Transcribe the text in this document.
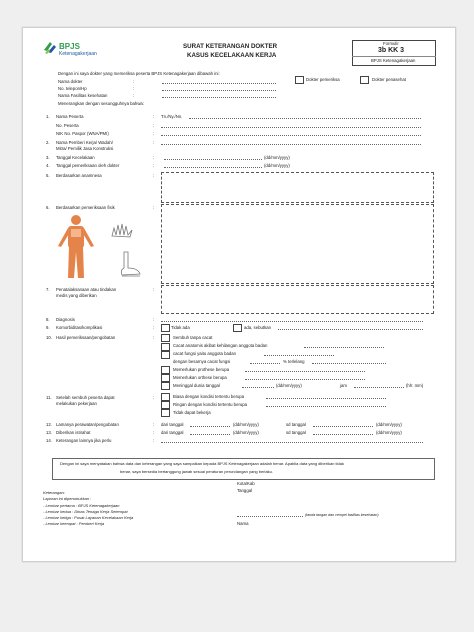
BPJS
Ketenagakerjaan
SURAT KETERANGAN DOKTER
KASUS KECELAKAAN KERJA
Formulir
3b KK 3
BPJS Ketenagakerjaan
Dengan ini saya dokter yang memeriksa peserta BPJS Ketenagakerjaan dibawah ini:
Nama dokter	:
No. telepon/Hp	:
Nama Fasilitas kesehatan	:
Menerangkan dengan sesungguhnya bahwa:
Dokter pemeriksa	Dokter penasehat
1. Nama Peserta	: Tn./Ny./Nn.
No. Peserta	:
NIK No. Paspor (WNA/PMI)	:
2. Nama Pemberi Kerja/ Wadah/
Mitra/ Pemilik Jasa Konstruksi
:
3. Tanggal Kecelakaan	:	(dd/mm/yyyy)
4. Tanggal pemeriksaan oleh dokter	:	(dd/mm/yyyy)
5. Berdasarkan anamnesa	:
6. Berdasarkan pemeriksaan fisik	:
7. Penatalaksanaan atau tindakan
medis yang diberikan
:
8. Diagnosis	:
9. Komorbiditas/komplikasi	:	Tidak ada	ada, sebutkan
10. Hasil pemeriksaan/pengobatan	:	Sembuh tanpa cacat
Cacat anatomis akibat kehilangan anggota badan
cacat fungsi yaitu anggota badan
dengan besarnya cacat fungsi	% terlelang
Memerlukan prothese berupa
Memerlukan orthese berupa
Meninggal dunia tanggal	(dd/mm/yyyy)	jam	(hh: mm)
11. Setelah sembuh peserta dapat
melakukan pekerjaan
:	Biasa dengan kondisi tertentu berupa
Ringan dengan kondisi tertentu berupa
Tidak dapat bekerja
12. Lamanya perawatan/pengobatan	: dari tanggal	(dd/mm/yyyy)	sd tanggal	(dd/mm/yyyy)
13. Diberikan istirahat	: dari tanggal	(dd/mm/yyyy)	sd tanggal	(dd/mm/yyyy)
14. Keterangan lainnya jika perlu	:
Dengan ini saya menyatakan bahwa data dan keterangan yang saya sampaikan kepada BPJS Ketenagakerjaan adalah benar. Apabila data yang diberikan tidak
benar, saya bersedia bertanggung jawab sesuai peraturan perundangan yang berlaku.
Kota/Kab
Tanggal
(tanda tangan dan cempel fasilitas kesehatan)
Nama
Keterangan:
Laporan ini diperuntukkan :
- Lembar pertama : BPJS Ketenagakerjaan
- Lembar kedua : Dinas Tenaga Kerja Setempat
- Lembar ketiga : Pusat Layanan Kecelakaan Kerja
- Lembar keempat : Pemberi Kerja
